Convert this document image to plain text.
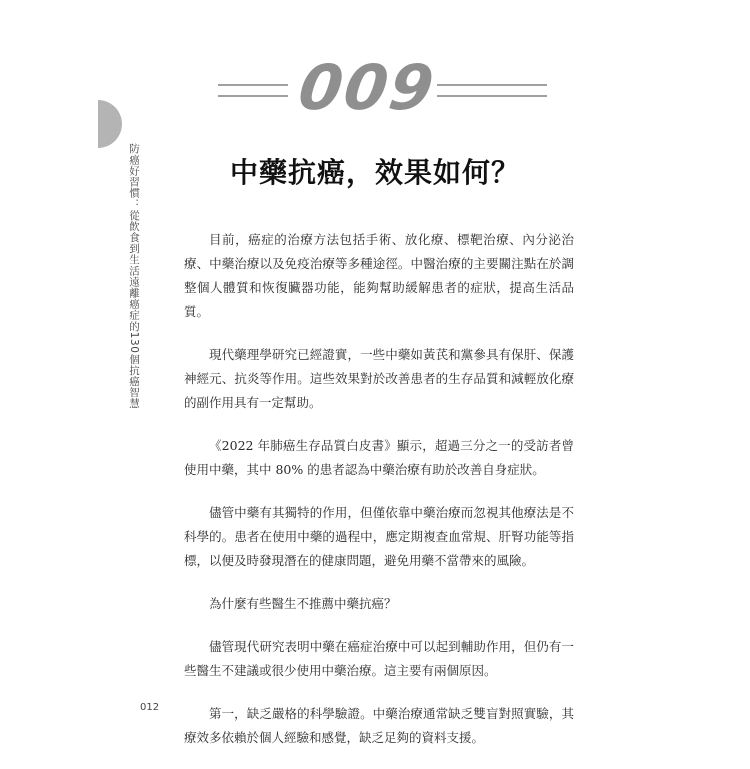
009
防癌好習慣：從飲食到生活遠離癌症的130個抗癌智慧	中藥抗癌，效果如何？

目前，癌症的治療方法包括手術、放化療、標靶治療、內分泌治療、中藥治療以及免疫治療等多種途徑。中醫治療的主要關注點在於調整個人體質和恢復臟器功能，能夠幫助緩解患者的症狀，提高生活品質。

現代藥理學研究已經證實，一些中藥如黃芪和黨參具有保肝、保護神經元、抗炎等作用。這些效果對於改善患者的生存品質和減輕放化療的副作用具有一定幫助。

《2022 年肺癌生存品質白皮書》顯示，超過三分之一的受訪者曾使用中藥，其中 80% 的患者認為中藥治療有助於改善自身症狀。

儘管中藥有其獨特的作用，但僅依靠中藥治療而忽視其他療法是不科學的。患者在使用中藥的過程中，應定期複查血常規、肝腎功能等指標，以便及時發現潛在的健康問題，避免用藥不當帶來的風險。

為什麼有些醫生不推薦中藥抗癌？

儘管現代研究表明中藥在癌症治療中可以起到輔助作用，但仍有一些醫生不建議或很少使用中藥治療。這主要有兩個原因。

第一，缺乏嚴格的科學驗證。中藥治療通常缺乏雙盲對照實驗，其療效多依賴於個人經驗和感覺，缺乏足夠的資料支援。

012
